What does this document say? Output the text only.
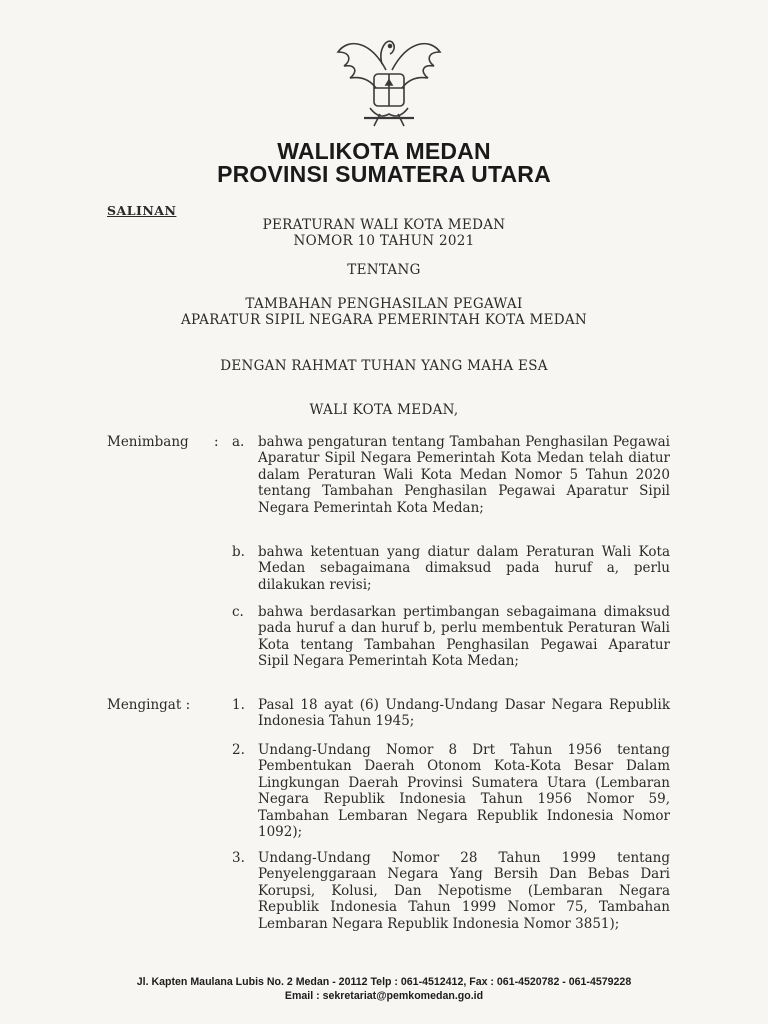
WALIKOTA MEDAN
PROVINSI SUMATERA UTARA
SALINAN
PERATURAN WALI KOTA MEDAN
NOMOR 10 TAHUN 2021
TENTANG
TAMBAHAN PENGHASILAN PEGAWAI
APARATUR SIPIL NEGARA PEMERINTAH KOTA MEDAN
DENGAN RAHMAT TUHAN YANG MAHA ESA
WALI KOTA MEDAN,
Menimbang : a. bahwa pengaturan tentang Tambahan Penghasilan Pegawai Aparatur Sipil Negara Pemerintah Kota Medan telah diatur dalam Peraturan Wali Kota Medan Nomor 5 Tahun 2020 tentang Tambahan Penghasilan Pegawai Aparatur Sipil Negara Pemerintah Kota Medan;

b. bahwa ketentuan yang diatur dalam Peraturan Wali Kota Medan sebagaimana dimaksud pada huruf a, perlu dilakukan revisi;

c. bahwa berdasarkan pertimbangan sebagaimana dimaksud pada huruf a dan huruf b, perlu membentuk Peraturan Wali Kota tentang Tambahan Penghasilan Pegawai Aparatur Sipil Negara Pemerintah Kota Medan;

Mengingat :	1. Pasal 18 ayat (6) Undang-Undang Dasar Negara Republik Indonesia Tahun 1945;

2. Undang-Undang Nomor 8 Drt Tahun 1956 tentang Pembentukan Daerah Otonom Kota-Kota Besar Dalam Lingkungan Daerah Provinsi Sumatera Utara (Lembaran Negara Republik Indonesia Tahun 1956 Nomor 59, Tambahan Lembaran Negara Republik Indonesia Nomor 1092);

3. Undang-Undang Nomor 28 Tahun 1999 tentang Penyelenggaraan Negara Yang Bersih Dan Bebas Dari Korupsi, Kolusi, Dan Nepotisme (Lembaran Negara Republik Indonesia Tahun 1999 Nomor 75, Tambahan Lembaran Negara Republik Indonesia Nomor 3851);

Jl. Kapten Maulana Lubis No. 2 Medan - 20112 Telp : 061-4512412, Fax : 061-4520782 - 061-4579228
Email : sekretariat@pemkomedan.go.id
